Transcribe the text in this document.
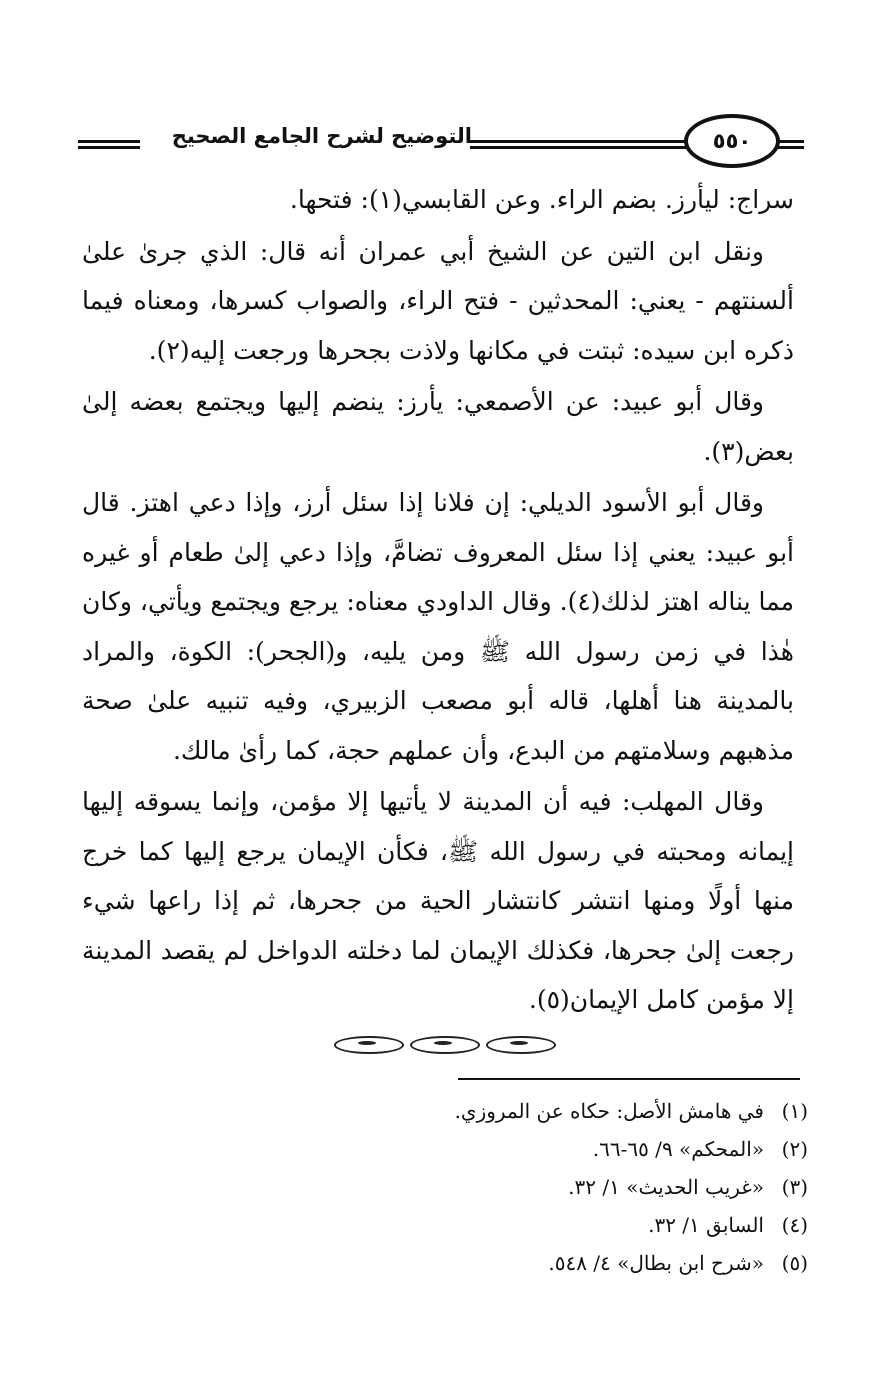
التوضيح لشرح الجامع الصحيح	٥٥٠

سراج: ليأرز. بضم الراء. وعن القابسي(١): فتحها.

ونقل ابن التين عن الشيخ أبي عمران أنه قال: الذي جرىٰ علىٰ ألسنتهم - يعني: المحدثين - فتح الراء، والصواب كسرها، ومعناه فيما ذكره ابن سيده: ثبتت في مكانها ولاذت بجحرها ورجعت إليه(٢).

وقال أبو عبيد: عن الأصمعي: يأرز: ينضم إليها ويجتمع بعضه إلىٰ بعض(٣).

وقال أبو الأسود الديلي: إن فلانا إذا سئل أرز، وإذا دعي اهتز. قال أبو عبيد: يعني إذا سئل المعروف تضامَّ، وإذا دعي إلىٰ طعام أو غيره مما يناله اهتز لذلك(٤). وقال الداودي معناه: يرجع ويجتمع ويأتي، وكان هٰذا في زمن رسول الله ﷺ ومن يليه، و(الجحر): الكوة، والمراد بالمدينة هنا أهلها، قاله أبو مصعب الزبيري، وفيه تنبيه علىٰ صحة مذهبهم وسلامتهم من البدع، وأن عملهم حجة، كما رأىٰ مالك.

وقال المهلب: فيه أن المدينة لا يأتيها إلا مؤمن، وإنما يسوقه إليها إيمانه ومحبته في رسول الله ﷺ، فكأن الإيمان يرجع إليها كما خرج منها أولًا ومنها انتشر كانتشار الحية من جحرها، ثم إذا راعها شيء رجعت إلىٰ جحرها، فكذلك الإيمان لما دخلته الدواخل لم يقصد المدينة إلا مؤمن كامل الإيمان(٥).

(١)
في هامش الأصل: حكاه عن المروزي.
(٢)
«المحكم» ٩/ ٦٥-٦٦.
(٣)
«غريب الحديث» ١/ ٣٢.
(٤)
السابق ١/ ٣٢.
(٥)
«شرح ابن بطال» ٤/ ٥٤٨.
